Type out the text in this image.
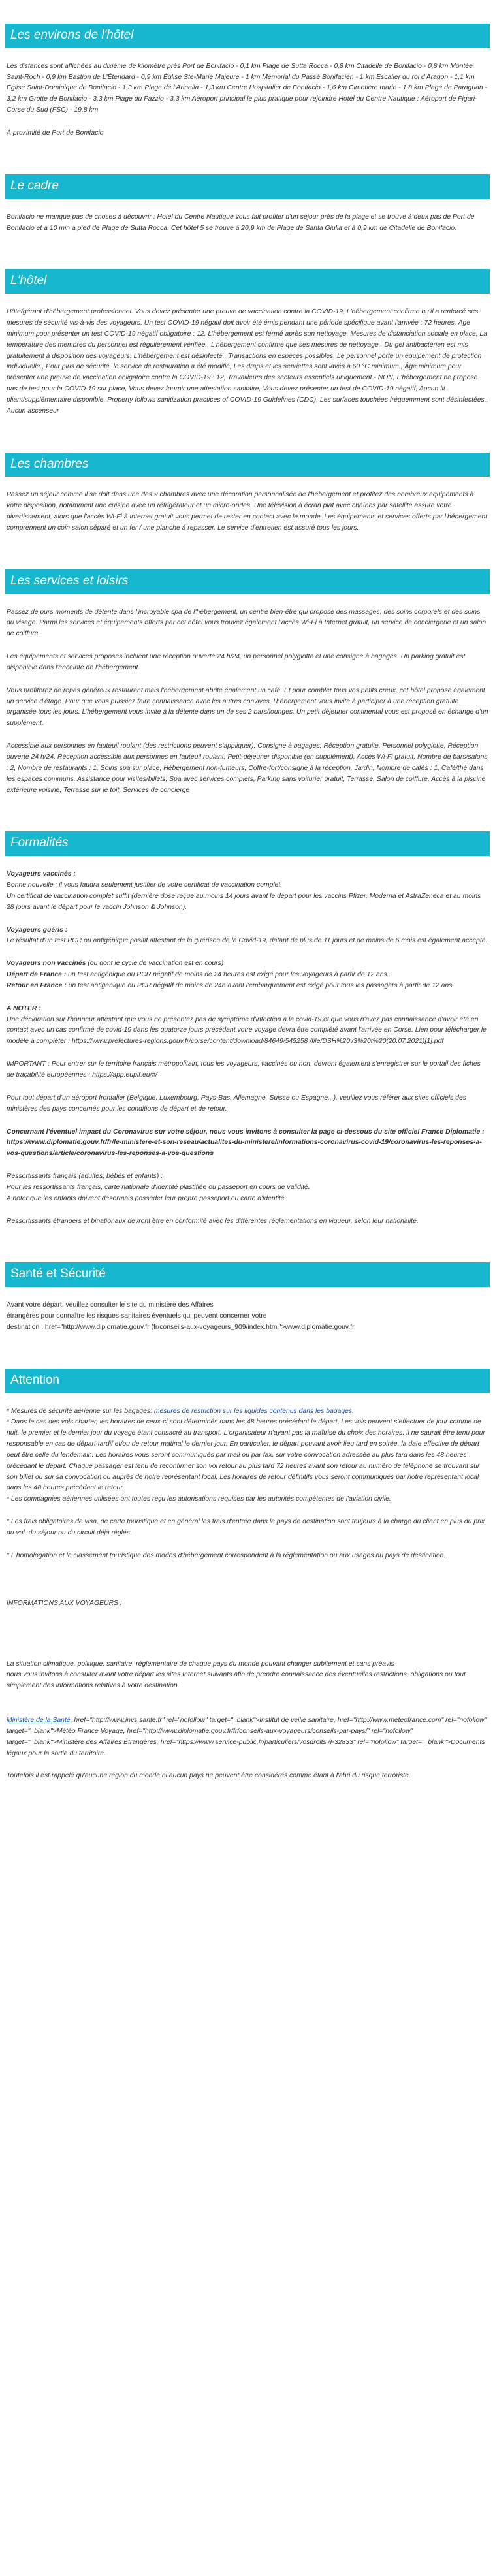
Les environs de l'hôtel

Les distances sont affichées au dixième de kilomètre près Port de Bonifacio - 0,1 km Plage de Sutta Rocca - 0,8 km Citadelle de Bonifacio - 0,8 km Montée Saint-Roch - 0,9 km Bastion de L'Étendard - 0,9 km Église Ste-Marie Majeure - 1 km Mémorial du Passé Bonifacien - 1 km Escalier du roi d'Aragon - 1,1 km Église Saint-Dominique de Bonifacio - 1,3 km Plage de l'Arinella - 1,3 km Centre Hospitalier de Bonifacio - 1,6 km Cimetière marin - 1,8 km Plage de Paraguan - 3,2 km Grotte de Bonifacio - 3,3 km Plage du Fazzio - 3,3 km Aéroport principal le plus pratique pour rejoindre Hotel du Centre Nautique : Aéroport de Figari-Corse du Sud (FSC) - 19,8 km

À proximité de Port de Bonifacio

Le cadre

Bonifacio ne manque pas de choses à découvrir ; Hotel du Centre Nautique vous fait profiter d'un séjour près de la plage et se trouve à deux pas de Port de Bonifacio et à 10 min à pied de Plage de Sutta Rocca. Cet hôtel 5 se trouve à 20,9 km de Plage de Santa Giulia et à 0,9 km de Citadelle de Bonifacio.

L'hôtel

Hôte/gérant d'hébergement professionnel. Vous devez présenter une preuve de vaccination contre la COVID-19, L'hébergement confirme qu'il a renforcé ses mesures de sécurité vis-à-vis des voyageurs, Un test COVID-19 négatif doit avoir été émis pendant une période spécifique avant l'arrivée : 72 heures, Âge minimum pour présenter un test COVID-19 négatif obligatoire : 12, L'hébergement est fermé après son nettoyage, Mesures de distanciation sociale en place, La température des membres du personnel est régulièrement vérifiée., L'hébergement confirme que ses mesures de nettoyage,, Du gel antibactérien est mis gratuitement à disposition des voyageurs, L'hébergement est désinfecté., Transactions en espèces possibles, Le personnel porte un équipement de protection individuelle., Pour plus de sécurité, le service de restauration a été modifié, Les draps et les serviettes sont lavés à 60 °C minimum., Âge minimum pour présenter une preuve de vaccination obligatoire contre la COVID-19 : 12, Travailleurs des secteurs essentiels uniquement - NON, L'hébergement ne propose pas de test pour la COVID-19 sur place, Vous devez fournir une attestation sanitaire, Vous devez présenter un test de COVID-19 négatif, Aucun lit pliant/supplémentaire disponible, Property follows sanitization practices of COVID-19 Guidelines (CDC), Les surfaces touchées fréquemment sont désinfectées., Aucun ascenseur

Les chambres

Passez un séjour comme il se doit dans une des 9 chambres avec une décoration personnalisée de l'hébergement et profitez des nombreux équipements à votre disposition, notamment une cuisine avec un réfrigérateur et un micro-ondes. Une télévision à écran plat avec chaînes par satellite assure votre divertissement, alors que l'accès Wi-Fi à Internet gratuit vous permet de rester en contact avec le monde. Les équipements et services offerts par l'hébergement comprennent un coin salon séparé et un fer / une planche à repasser. Le service d'entretien est assuré tous les jours.

Les services et loisirs

Passez de purs moments de détente dans l'incroyable spa de l'hébergement, un centre bien-être qui propose des massages, des soins corporels et des soins du visage. Parmi les services et équipements offerts par cet hôtel vous trouvez également l'accès Wi-Fi à Internet gratuit, un service de conciergerie et un salon de coiffure.

Les équipements et services proposés incluent une réception ouverte 24 h/24, un personnel polyglotte et une consigne à bagages. Un parking gratuit est disponible dans l'enceinte de l'hébergement.

Vous profiterez de repas généreux restaurant mais l'hébergement abrite également un café. Et pour combler tous vos petits creux, cet hôtel propose également un service d'étage. Pour que vous puissiez faire connaissance avec les autres convives, l'hébergement vous invite à participer à une réception gratuite organisée tous les jours. L'hébergement vous invite à la détente dans un de ses 2 bars/lounges. Un petit déjeuner continental vous est proposé en échange d'un supplément.

Accessible aux personnes en fauteuil roulant (des restrictions peuvent s'appliquer), Consigne à bagages, Réception gratuite, Personnel polyglotte, Réception ouverte 24 h/24, Réception accessible aux personnes en fauteuil roulant, Petit-déjeuner disponible (en supplément), Accès Wi-Fi gratuit, Nombre de bars/salons : 2, Nombre de restaurants : 1, Soins spa sur place, Hébergement non-fumeurs, Coffre-fort/consigne à la réception, Jardin, Nombre de cafés : 1, Café/thé dans les espaces communs, Assistance pour visites/billets, Spa avec services complets, Parking sans voiturier gratuit, Terrasse, Salon de coiffure, Accès à la piscine extérieure voisine, Terrasse sur le toit, Services de concierge

Formalités

Voyageurs vaccinés :

Bonne nouvelle : il vous faudra seulement justifier de votre certificat de vaccination complet.

Un certificat de vaccination complet suffit (dernière dose reçue au moins 14 jours avant le départ pour les vaccins Pfizer, Moderna et AstraZeneca et au moins 28 jours avant le départ pour le vaccin Johnson & Johnson).

Voyageurs guéris :

Le résultat d'un test PCR ou antigénique positif attestant de la guérison de la Covid-19, datant de plus de 11 jours et de moins de 6 mois est également accepté.

Voyageurs non vaccinés (ou dont le cycle de vaccination est en cours)

Départ de France : un test antigénique ou PCR négatif de moins de 24 heures est exigé pour les voyageurs à partir de 12 ans.

Retour en France : un test antigénique ou PCR négatif de moins de 24h avant l'embarquement est exigé pour tous les passagers à partir de 12 ans.

A NOTER :

Une déclaration sur l'honneur attestant que vous ne présentez pas de symptôme d'infection à la covid-19 et que vous n'avez pas connaissance d'avoir été en contact avec un cas confirmé de covid-19 dans les quatorze jours précédant votre voyage devra être complété avant l'arrivée en Corse. Lien pour télécharger le modèle à compléter : https://www.prefectures-regions.gouv.fr/corse/content/download/84649/545258 /file/DSH%20v3%20t%20(20.07.2021)[1].pdf

IMPORTANT : Pour entrer sur le territoire français métropolitain, tous les voyageurs, vaccinés ou non, devront également s'enregistrer sur le portail des fiches de traçabilité européennes : https://app.euplf.eu/#/

Pour tout départ d'un aéroport frontalier (Belgique, Luxembourg, Pays-Bas, Allemagne, Suisse ou Espagne...), veuillez vous référer aux sites officiels des ministères des pays concernés pour les conditions de départ et de retour.

Concernant l'éventuel impact du Coronavirus sur votre séjour, nous vous invitons à consulter la page ci-dessous du site officiel France Diplomatie :

https://www.diplomatie.gouv.fr/fr/le-ministere-et-son-reseau/actualites-du-ministere/informations-coronavirus-covid-19/coronavirus-les-reponses-a-vos-questions/article/coronavirus-les-reponses-a-vos-questions

Ressortissants français (adultes, bébés et enfants) :

Pour les ressortissants français, carte nationale d'identité plastifiée ou passeport en cours de validité.

A noter que les enfants doivent désormais posséder leur propre passeport ou carte d'identité.

Ressortissants étrangers et binationaux devront être en conformité avec les différentes réglementations en vigueur, selon leur nationalité.

Santé et Sécurité

Avant votre départ, veuillez consulter le site du ministère des Affaires

étrangères pour connaître les risques sanitaires éventuels qui peuvent concerner votre

destination : href="http://www.diplomatie.gouv.fr (fr/conseils-aux-voyageurs_909/index.html">www.diplomatie.gouv.fr

Attention

* Mesures de sécurité aérienne sur les bagages: mesures de restriction sur les liquides contenus dans les bagages.

* Dans le cas des vols charter, les horaires de ceux-ci sont déterminés dans les 48 heures précédant le départ. Les vols peuvent s'effectuer de jour comme de nuit, le premier et le dernier jour du voyage étant consacré au transport. L'organisateur n'ayant pas la maîtrise du choix des horaires, il ne saurait être tenu pour responsable en cas de départ tardif et/ou de retour matinal le dernier jour. En particulier, le départ pouvant avoir lieu tard en soirée, la date effective de départ peut être celle du lendemain. Les horaires vous seront communiqués par mail ou par fax, sur votre convocation adressée au plus tard dans les 48 heures précédant le départ. Chaque passager est tenu de reconfirmer son vol retour au plus tard 72 heures avant son retour au numéro de téléphone se trouvant sur son billet ou sur sa convocation ou auprès de notre représentant local. Les horaires de retour définitifs vous seront communiqués par notre représentant local dans les 48 heures précédant le retour.

* Les compagnies aériennes utilisées ont toutes reçu les autorisations requises par les autorités compétentes de l'aviation civile.

* Les frais obligatoires de visa, de carte touristique et en général les frais d'entrée dans le pays de destination sont toujours à la charge du client en plus du prix du vol, du séjour ou du circuit déjà réglés.

* L'homologation et le classement touristique des modes d'hébergement correspondent à la réglementation ou aux usages du pays de destination.

INFORMATIONS AUX VOYAGEURS :

La situation climatique, politique, sanitaire, réglementaire de chaque pays du monde pouvant changer subitement et sans préavis

nous vous invitons à consulter avant votre départ les sites Internet suivants afin de prendre connaissance des éventuelles restrictions, obligations ou tout simplement des informations relatives à votre destination.

Ministère de la Santé, href="http://www.invs.sante.fr" rel="nofollow" target="_blank">Institut de veille sanitaire, href="http://www.meteofrance.com" rel="nofollow" target="_blank">Météo France Voyage, href="http://www.diplomatie.gouv.fr/fr/conseils-aux-voyageurs/conseils-par-pays/" rel="nofollow" target="_blank">Ministère des Affaires Étrangères, href="https://www.service-public.fr/particuliers/vosdroits /F32833" rel="nofollow" target="_blank">Documents légaux pour la sortie du territoire.

Toutefois il est rappelé qu'aucune région du monde ni aucun pays ne peuvent être considérés comme étant à l'abri du risque terroriste.
